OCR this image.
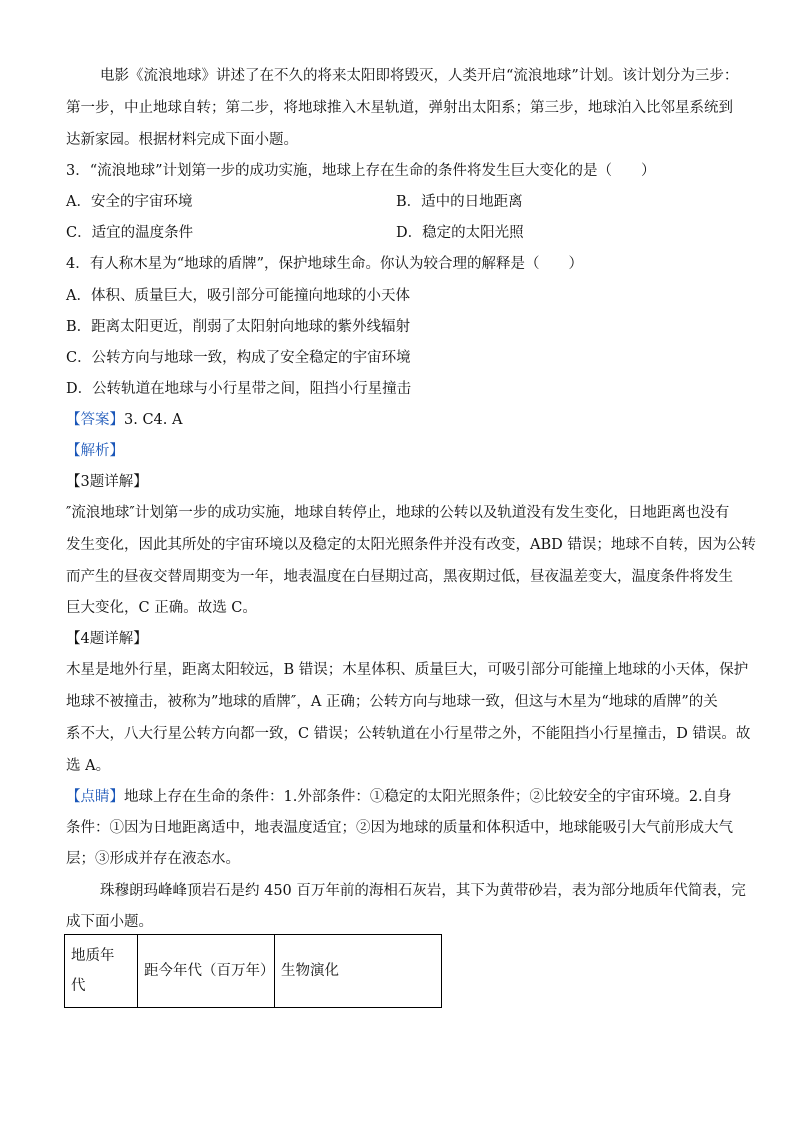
电影《流浪地球》讲述了在不久的将来太阳即将毁灭，人类开启“流浪地球”计划。该计划分为三步：
第一步，中止地球自转；第二步，将地球推入木星轨道，弹射出太阳系；第三步，地球泊入比邻星系统到
达新家园。根据材料完成下面小题。
3．“流浪地球”计划第一步的成功实施，地球上存在生命的条件将发生巨大变化的是（　　）
A．安全的宇宙环境	B．适中的日地距离
C．适宜的温度条件	D．稳定的太阳光照
4．有人称木星为“地球的盾牌”，保护地球生命。你认为较合理的解释是（　　）
A．体积、质量巨大，吸引部分可能撞向地球的小天体
B．距离太阳更近，削弱了太阳射向地球的紫外线辐射
C．公转方向与地球一致，构成了安全稳定的宇宙环境
D．公转轨道在地球与小行星带之间，阻挡小行星撞击
【答案】3. C4. A
【解析】
【3题详解】
″流浪地球″计划第一步的成功实施，地球自转停止，地球的公转以及轨道没有发生变化，日地距离也没有
发生变化，因此其所处的宇宙环境以及稳定的太阳光照条件并没有改变，ABD 错误；地球不自转，因为公转
而产生的昼夜交替周期变为一年，地表温度在白昼期过高，黑夜期过低，昼夜温差变大，温度条件将发生
巨大变化，C 正确。故选 C。
【4题详解】
木星是地外行星，距离太阳较远，B 错误；木星体积、质量巨大，可吸引部分可能撞上地球的小天体，保护
地球不被撞击，被称为”地球的盾牌″，A 正确；公转方向与地球一致，但这与木星为“地球的盾牌”的关
系不大，八大行星公转方向都一致，C 错误；公转轨道在小行星带之外，不能阻挡小行星撞击，D 错误。故
选 A。
【点睛】地球上存在生命的条件：1.外部条件：①稳定的太阳光照条件；②比较安全的宇宙环境。2.自身
条件：①因为日地距离适中，地表温度适宜；②因为地球的质量和体积适中，地球能吸引大气前形成大气
层；③形成并存在液态水。
珠穆朗玛峰峰顶岩石是约 450 百万年前的海相石灰岩，其下为黄带砂岩，表为部分地质年代简表，完
成下面小题。
地质年
代
	距今年代（百万年）	生物演化
